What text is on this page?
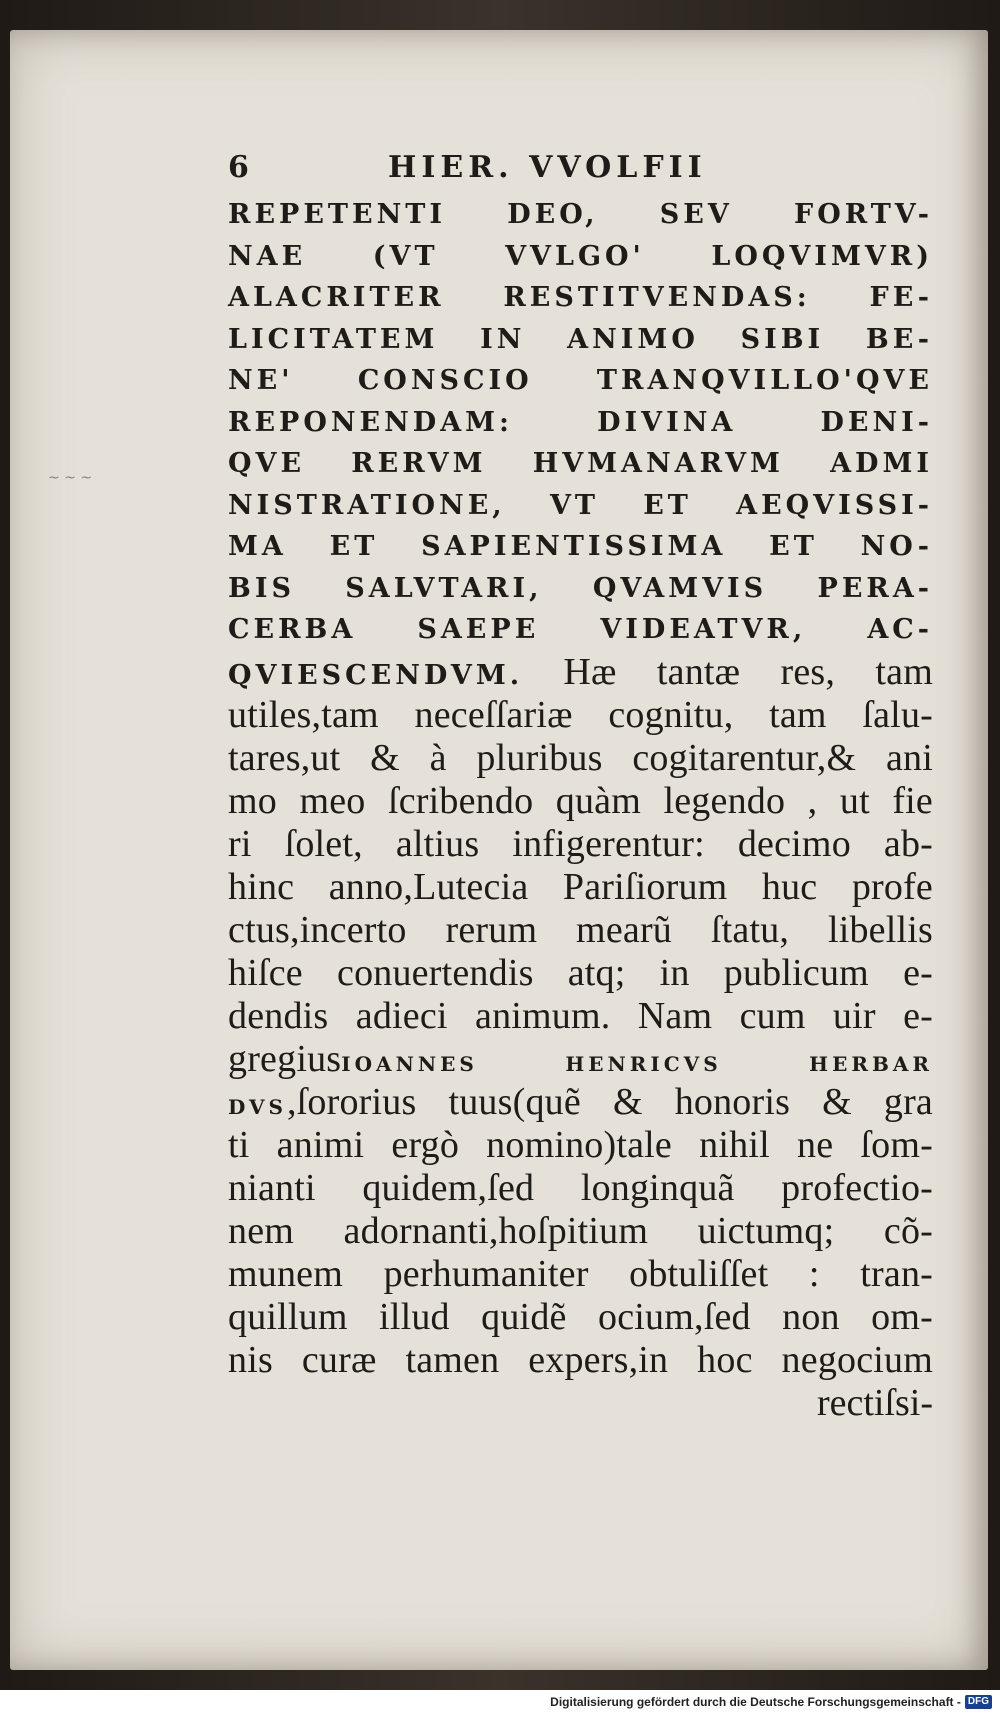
~ ~ ~
6	HIER. VVOLFII
REPETENTI DEO, SEV FORTV-
NAE (VT VVLGO' LOQVIMVR)
ALACRITER RESTITVENDAS: FE-
LICITATEM IN ANIMO SIBI BE-
NE' CONSCIO TRANQVILLO'QVE
REPONENDAM: DIVINA DENI-
QVE RERVM HVMANARVM ADMI
NISTRATIONE, VT ET AEQVISSI-
MA ET SAPIENTISSIMA ET NO-
BIS SALVTARI, QVAMVIS PERA-
CERBA SAEPE VIDEATVR, AC-
QVIESCENDVM. Hæ tantæ res, tam
utiles,tam neceſſariæ cognitu, tam ſalu-
tares,ut & à pluribus cogitarentur,& ani
mo meo ſcribendo quàm legendo , ut fie
ri ſolet, altius infigerentur: decimo ab-
hinc anno,Lutecia Pariſiorum huc profe
ctus,incerto rerum mearũ ſtatu, libellis
hiſce conuertendis atq; in publicum e-
dendis adieci animum. Nam cum uir e-
gregiusIOANNES HENRICVS HERBAR
DVS,ſororius tuus(quẽ & honoris & gra
ti animi ergò nomino)tale nihil ne ſom-
nianti quidem,ſed longinquã profectio-
nem adornanti,hoſpitium uictumq; cõ-
munem perhumaniter obtuliſſet : tran-
quillum illud quidẽ ocium,ſed non om-
nis curæ tamen expers,in hoc negocium
rectiſsi-
Digitalisierung gefördert durch die Deutsche Forschungsgemeinschaft - DFG
